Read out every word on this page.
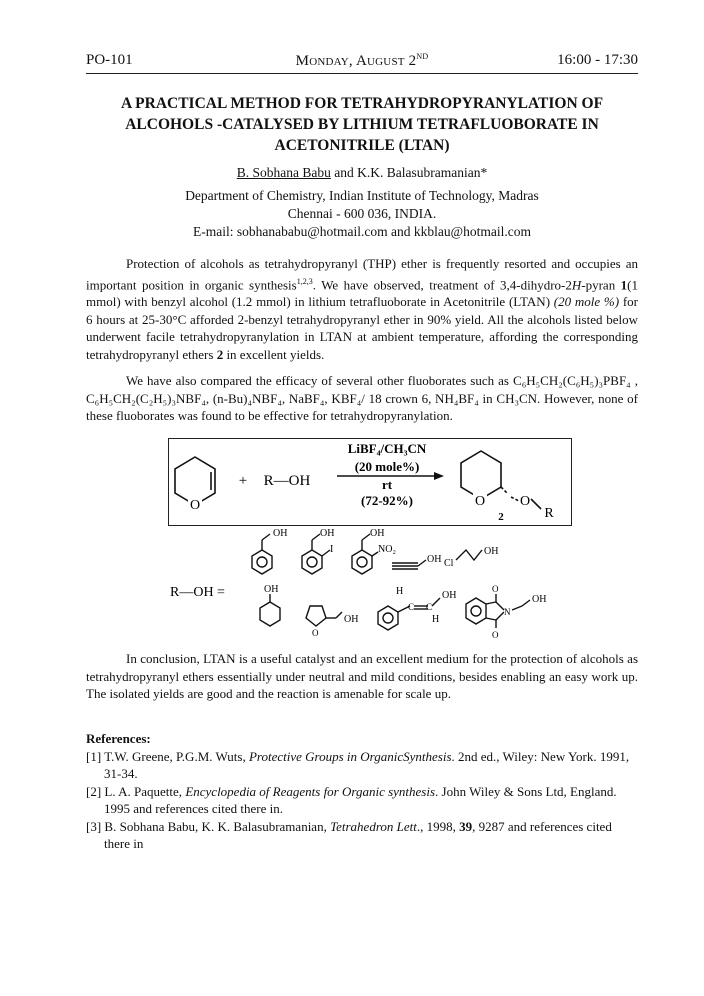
PO-101	Monday, August 2ND	16:00 - 17:30
A PRACTICAL METHOD FOR TETRAHYDROPYRANYLATION OF
ALCOHOLS -CATALYSED BY LITHIUM TETRAFLUOBORATE IN
ACETONITRILE (LTAN)
B. Sobhana Babu and K.K. Balasubramanian*
Department of Chemistry, Indian Institute of Technology, Madras
Chennai - 600 036, INDIA.
E-mail: sobhanababu@hotmail.com and kkblau@hotmail.com
Protection of alcohols as tetrahydropyranyl (THP) ether is frequently resorted and occupies an important position in organic synthesis$^{1,2,3}$. We have observed, treatment of 3,4-dihydro-2H-pyran 1(1 mmol) with benzyl alcohol (1.2 mmol) in lithium tetrafluoborate in Acetonitrile (LTAN) (20 mole %) for 6 hours at 25-30°C afforded 2-benzyl tetrahydropyranyl ether in 90% yield. All the alcohols listed below underwent facile tetrahydropyranylation in LTAN at ambient temperature, affording the corresponding tetrahydropyranyl ethers 2 in excellent yields.
We have also compared the efficacy of several other fluoborates such as C₆H₅CH₂(C₆H₅)₃PBF₄ , C₆H₅CH₂(C₂H₅)₃NBF₄, (n-Bu)₄NBF₄, NaBF₄, KBF₄/ 18 crown 6, NH₄BF₄ in CH₃CN. However, none of these fluoborates was found to be effective for tetrahydropyranylation.
O
+ R—OH
LiBF₄/CH₃CN
(20 mole%)
rt
(72-92%)	O O
R
2
R—OH =
OH	OH
I
OH
NO₂
OH Cl
OH
OH
O
OH
H
C C
H
OH
O
O
N
OH
In conclusion, LTAN is a useful catalyst and an excellent medium for the protection of alcohols as tetrahydropyranyl ethers essentially under neutral and mild conditions, besides enabling an easy work up. The isolated yields are good and the reaction is amenable for scale up.
References:
[1] T.W. Greene, P.G.M. Wuts, Protective Groups in OrganicSynthesis. 2nd ed., Wiley: New York. 1991, 31-34.
[2] L. A. Paquette, Encyclopedia of Reagents for Organic synthesis. John Wiley & Sons Ltd, England. 1995 and references cited there in.
[3] B. Sobhana Babu, K. K. Balasubramanian, Tetrahedron Lett., 1998, 39, 9287 and references cited there in
